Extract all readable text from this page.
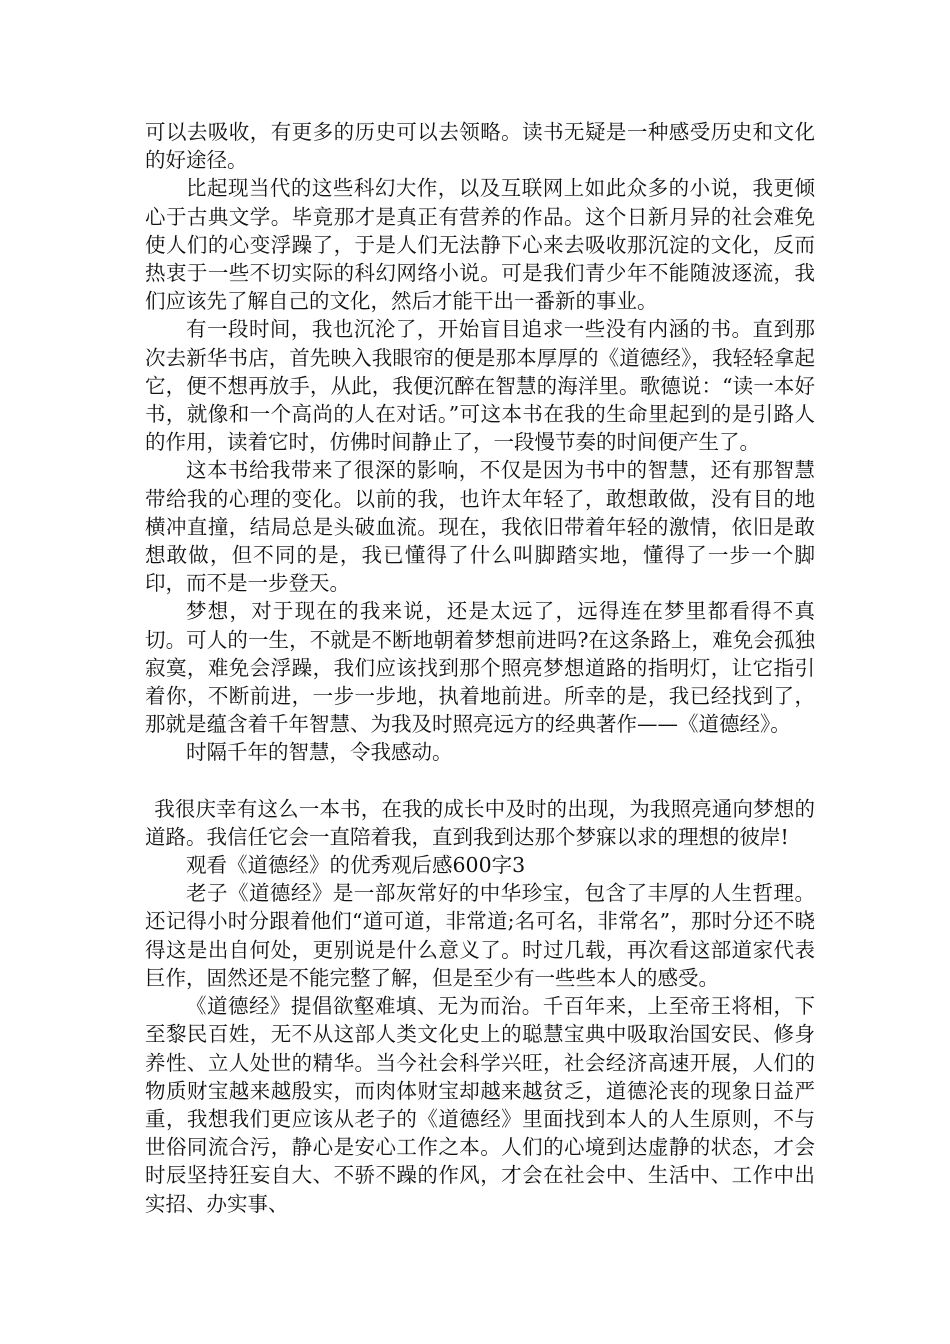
可以去吸收，有更多的历史可以去领略。读书无疑是一种感受历史和文化的好途径。

比起现当代的这些科幻大作，以及互联网上如此众多的小说，我更倾心于古典文学。毕竟那才是真正有营养的作品。这个日新月异的社会难免使人们的心变浮躁了，于是人们无法静下心来去吸收那沉淀的文化，反而热衷于一些不切实际的科幻网络小说。可是我们青少年不能随波逐流，我们应该先了解自己的文化，然后才能干出一番新的事业。

有一段时间，我也沉沦了，开始盲目追求一些没有内涵的书。直到那次去新华书店，首先映入我眼帘的便是那本厚厚的《道德经》，我轻轻拿起它，便不想再放手，从此，我便沉醉在智慧的海洋里。歌德说：“读一本好书，就像和一个高尚的人在对话。”可这本书在我的生命里起到的是引路人的作用，读着它时，仿佛时间静止了，一段慢节奏的时间便产生了。

这本书给我带来了很深的影响，不仅是因为书中的智慧，还有那智慧带给我的心理的变化。以前的我，也许太年轻了，敢想敢做，没有目的地横冲直撞，结局总是头破血流。现在，我依旧带着年轻的激情，依旧是敢想敢做，但不同的是，我已懂得了什么叫脚踏实地，懂得了一步一个脚印，而不是一步登天。

梦想，对于现在的我来说，还是太远了，远得连在梦里都看得不真切。可人的一生，不就是不断地朝着梦想前进吗?在这条路上，难免会孤独寂寞，难免会浮躁，我们应该找到那个照亮梦想道路的指明灯，让它指引着你，不断前进，一步一步地，执着地前进。所幸的是，我已经找到了，那就是蕴含着千年智慧、为我及时照亮远方的经典著作——《道德经》。

时隔千年的智慧，令我感动。

我很庆幸有这么一本书，在我的成长中及时的出现，为我照亮通向梦想的道路。我信任它会一直陪着我，直到我到达那个梦寐以求的理想的彼岸!

观看《道德经》的优秀观后感600字3

老子《道德经》是一部灰常好的中华珍宝，包含了丰厚的人生哲理。还记得小时分跟着他们“道可道，非常道;名可名，非常名”，那时分还不晓得这是出自何处，更别说是什么意义了。时过几载，再次看这部道家代表巨作，固然还是不能完整了解，但是至少有一些些本人的感受。

《道德经》提倡欲壑难填、无为而治。千百年来，上至帝王将相，下至黎民百姓，无不从这部人类文化史上的聪慧宝典中吸取治国安民、修身养性、立人处世的精华。当今社会科学兴旺，社会经济高速开展，人们的物质财宝越来越殷实，而肉体财宝却越来越贫乏，道德沦丧的现象日益严重，我想我们更应该从老子的《道德经》里面找到本人的人生原则，不与世俗同流合污，静心是安心工作之本。人们的心境到达虚静的状态，才会时辰坚持狂妄自大、不骄不躁的作风，才会在社会中、生活中、工作中出实招、办实事、
